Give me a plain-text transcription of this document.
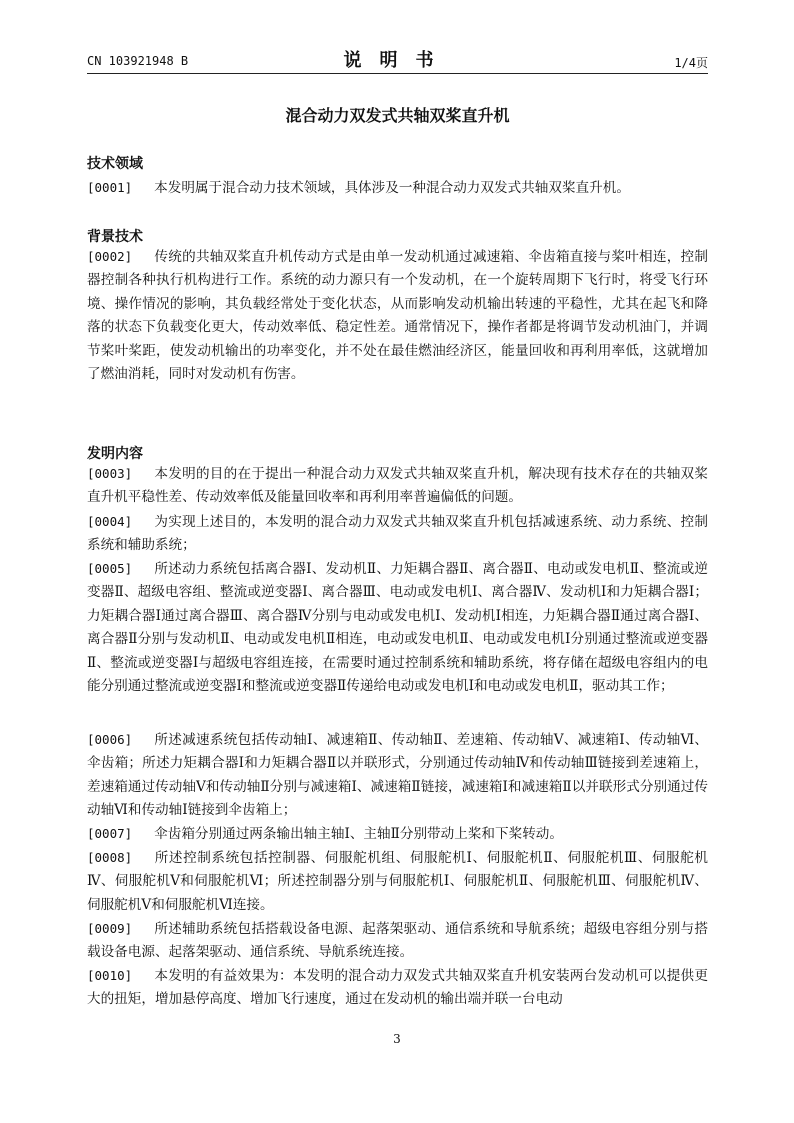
CN 103921948 B	说明书	1/4页
混合动力双发式共轴双桨直升机
技术领域
[0001] 本发明属于混合动力技术领域，具体涉及一种混合动力双发式共轴双桨直升机。
背景技术
[0002] 传统的共轴双桨直升机传动方式是由单一发动机通过减速箱、伞齿箱直接与桨叶相连，控制器控制各种执行机构进行工作。系统的动力源只有一个发动机，在一个旋转周期下飞行时，将受飞行环境、操作情况的影响，其负载经常处于变化状态，从而影响发动机输出转速的平稳性，尤其在起飞和降落的状态下负载变化更大，传动效率低、稳定性差。通常情况下，操作者都是将调节发动机油门，并调节桨叶桨距，使发动机输出的功率变化，并不处在最佳燃油经济区，能量回收和再利用率低，这就增加了燃油消耗，同时对发动机有伤害。
发明内容
[0003] 本发明的目的在于提出一种混合动力双发式共轴双桨直升机，解决现有技术存在的共轴双桨直升机平稳性差、传动效率低及能量回收率和再利用率普遍偏低的问题。
[0004] 为实现上述目的，本发明的混合动力双发式共轴双桨直升机包括减速系统、动力系统、控制系统和辅助系统；
[0005] 所述动力系统包括离合器Ⅰ、发动机Ⅱ、力矩耦合器Ⅱ、离合器Ⅱ、电动或发电机Ⅱ、整流或逆变器Ⅱ、超级电容组、整流或逆变器Ⅰ、离合器Ⅲ、电动或发电机Ⅰ、离合器Ⅳ、发动机Ⅰ和力矩耦合器Ⅰ；力矩耦合器Ⅰ通过离合器Ⅲ、离合器Ⅳ分别与电动或发电机Ⅰ、发动机Ⅰ相连，力矩耦合器Ⅱ通过离合器Ⅰ、离合器Ⅱ分别与发动机Ⅱ、电动或发电机Ⅱ相连，电动或发电机Ⅱ、电动或发电机Ⅰ分别通过整流或逆变器Ⅱ、整流或逆变器Ⅰ与超级电容组连接，在需要时通过控制系统和辅助系统，将存储在超级电容组内的电能分别通过整流或逆变器Ⅰ和整流或逆变器Ⅱ传递给电动或发电机Ⅰ和电动或发电机Ⅱ，驱动其工作；
[0006] 所述减速系统包括传动轴Ⅰ、减速箱Ⅱ、传动轴Ⅱ、差速箱、传动轴Ⅴ、减速箱Ⅰ、传动轴Ⅵ、伞齿箱；所述力矩耦合器Ⅰ和力矩耦合器Ⅱ以并联形式，分别通过传动轴Ⅳ和传动轴Ⅲ链接到差速箱上，差速箱通过传动轴Ⅴ和传动轴Ⅱ分别与减速箱Ⅰ、减速箱Ⅱ链接，减速箱Ⅰ和减速箱Ⅱ以并联形式分别通过传动轴Ⅵ和传动轴Ⅰ链接到伞齿箱上；
[0007] 伞齿箱分别通过两条输出轴主轴Ⅰ、主轴Ⅱ分别带动上桨和下桨转动。
[0008] 所述控制系统包括控制器、伺服舵机组、伺服舵机Ⅰ、伺服舵机Ⅱ、伺服舵机Ⅲ、伺服舵机Ⅳ、伺服舵机Ⅴ和伺服舵机Ⅵ；所述控制器分别与伺服舵机Ⅰ、伺服舵机Ⅱ、伺服舵机Ⅲ、伺服舵机Ⅳ、伺服舵机Ⅴ和伺服舵机Ⅵ连接。
[0009] 所述辅助系统包括搭载设备电源、起落架驱动、通信系统和导航系统；超级电容组分别与搭载设备电源、起落架驱动、通信系统、导航系统连接。
[0010] 本发明的有益效果为：本发明的混合动力双发式共轴双桨直升机安装两台发动机可以提供更大的扭矩，增加悬停高度、增加飞行速度，通过在发动机的输出端并联一台电动
3
